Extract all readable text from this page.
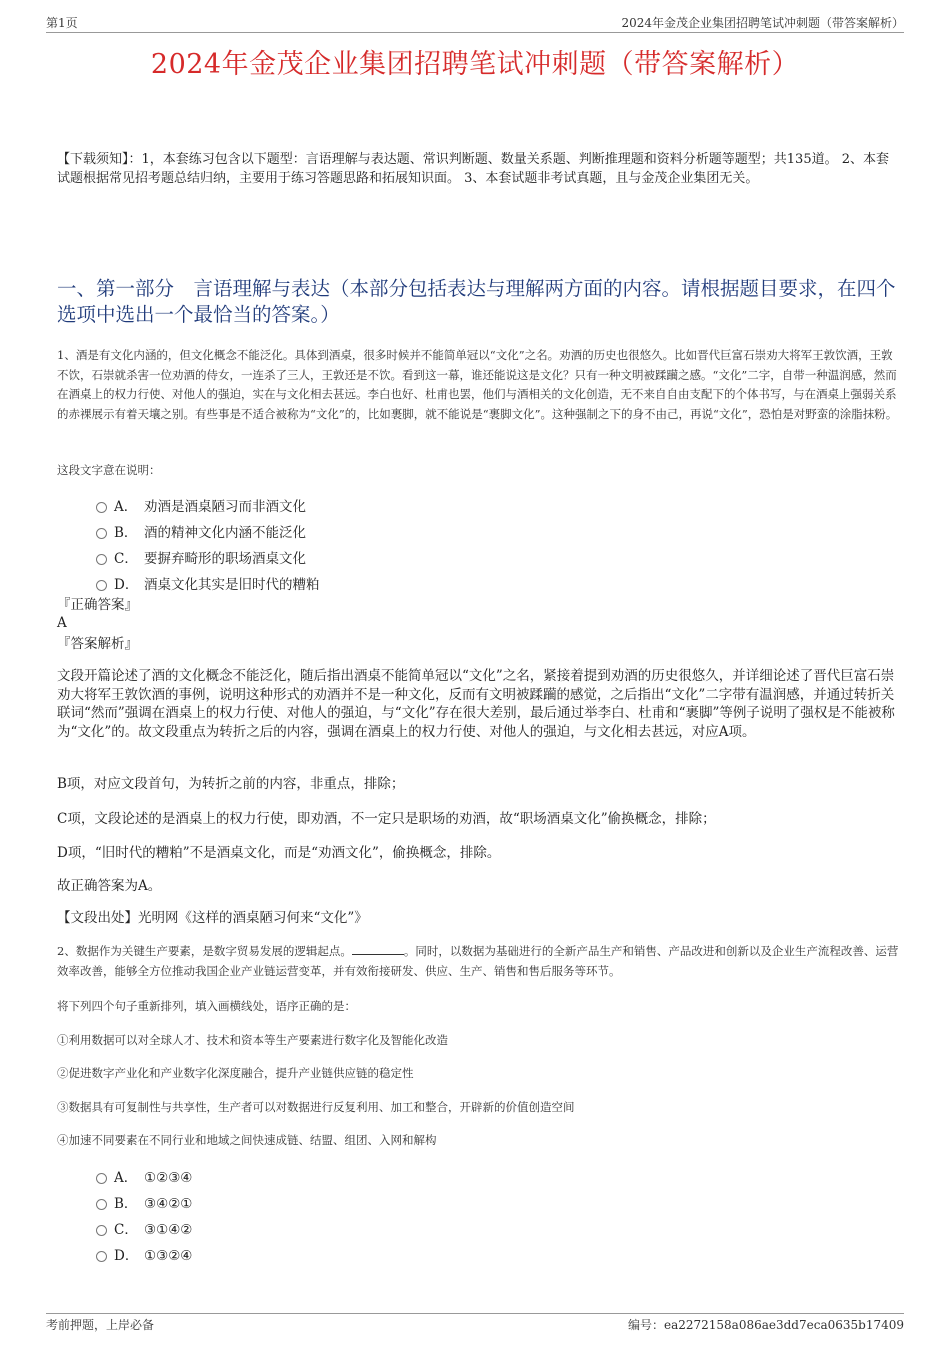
第1页	2024年金茂企业集团招聘笔试冲刺题（带答案解析）
2024年金茂企业集团招聘笔试冲刺题（带答案解析）
【下载须知】：1，本套练习包含以下题型：言语理解与表达题、常识判断题、数量关系题、判断推理题和资料分析题等题型；共135道。 2、本套试题根据常见招考题总结归纳，主要用于练习答题思路和拓展知识面。 3、本套试题非考试真题，且与金茂企业集团无关。
一、第一部分　言语理解与表达（本部分包括表达与理解两方面的内容。请根据题目要求，在四个选项中选出一个最恰当的答案。）
1、酒是有文化内涵的，但文化概念不能泛化。具体到酒桌，很多时候并不能简单冠以“文化”之名。劝酒的历史也很悠久。比如晋代巨富石崇劝大将军王敦饮酒，王敦不饮，石崇就杀害一位劝酒的侍女，一连杀了三人，王敦还是不饮。看到这一幕，谁还能说这是文化？只有一种文明被蹂躏之感。“文化”二字，自带一种温润感，然而在酒桌上的权力行使、对他人的强迫，实在与文化相去甚远。李白也好、杜甫也罢，他们与酒相关的文化创造，无不来自自由支配下的个体书写，与在酒桌上强弱关系的赤裸展示有着天壤之别。有些事是不适合被称为“文化”的，比如裹脚，就不能说是“裹脚文化”。这种强制之下的身不由己，再说“文化”，恐怕是对野蛮的涂脂抹粉。
这段文字意在说明：
A． 劝酒是酒桌陋习而非酒文化
B． 酒的精神文化内涵不能泛化
C． 要摒弃畸形的职场酒桌文化
D． 酒桌文化其实是旧时代的糟粕
『正确答案』
A
『答案解析』
文段开篇论述了酒的文化概念不能泛化，随后指出酒桌不能简单冠以“文化”之名，紧接着提到劝酒的历史很悠久，并详细论述了晋代巨富石崇劝大将军王敦饮酒的事例，说明这种形式的劝酒并不是一种文化，反而有文明被蹂躏的感觉，之后指出“文化”二字带有温润感，并通过转折关联词“然而”强调在酒桌上的权力行使、对他人的强迫，与“文化”存在很大差别，最后通过举李白、杜甫和“裹脚”等例子说明了强权是不能被称为“文化”的。故文段重点为转折之后的内容，强调在酒桌上的权力行使、对他人的强迫，与文化相去甚远，对应A项。
B项，对应文段首句，为转折之前的内容，非重点，排除；
C项，文段论述的是酒桌上的权力行使，即劝酒，不一定只是职场的劝酒，故“职场酒桌文化”偷换概念，排除；
D项，“旧时代的糟粕”不是酒桌文化，而是“劝酒文化”，偷换概念，排除。
故正确答案为A。
【文段出处】光明网《这样的酒桌陋习何来“文化”》
2、数据作为关键生产要素，是数字贸易发展的逻辑起点。	。同时，以数据为基础进行的全新产品生产和销售、产品改进和创新以及企业生产流程改善、运营效率改善，能够全方位推动我国企业产业链运营变革，并有效衔接研发、供应、生产、销售和售后服务等环节。
将下列四个句子重新排列，填入画横线处，语序正确的是：
①利用数据可以对全球人才、技术和资本等生产要素进行数字化及智能化改造
②促进数字产业化和产业数字化深度融合，提升产业链供应链的稳定性
③数据具有可复制性与共享性，生产者可以对数据进行反复利用、加工和整合，开辟新的价值创造空间
④加速不同要素在不同行业和地域之间快速成链、结盟、组团、入网和解构
A． ①②③④
B． ③④②①
C． ③①④②
D． ①③②④
考前押题，上岸必备	编号：ea2272158a086ae3dd7eca0635b17409
